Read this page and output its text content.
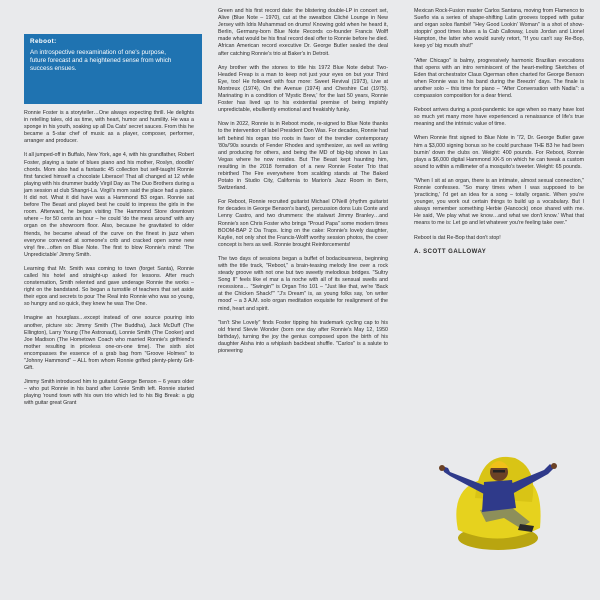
Reboot:
An introspective reexamination of one's purpose, future forecast and a heightened sense from which success ensues.

Ronnie Foster is a storyteller…One always expecting thrill. He delights in retelling tales, old as time, with heart, humor and humility. He was a sponge in his youth, soaking up all Da Cats' secret sauces. From this he became a 5-star chef of music as a player, composer, performer, arranger and producer.

It all jumped-off in Buffalo, New York, age 4, with his grandfather, Robert Foster, playing a taste of blues piano and his mother, Roslyn, doodlin' chords. Mom also had a fantastic 45 collection but self-taught Ronnie first fancied himself a chocolate Liberace! That all changed at 12 while playing with his drummer buddy Virgil Day as The Duo Brothers during a jam session at club Shangri-La. Virgil's mom said the place had a piano. It did not. What it did have was a Hammond B3 organ. Ronnie sat before The Beast and played best he could to impress the girls in the room. Afterward, he began visiting The Hammond Store downtown where – for 50 cents an hour – he could 'do the mess around' with any organ on the showroom floor. Also, because he gravitated to older friends, he became ahead of the curve on the finest in jazz when everyone convened at someone's crib and cracked open some new vinyl fire…often on Blue Note. The first to blow Ronnie's mind: 'The Unpredictable' Jimmy Smith.

Learning that Mr. Smith was coming to town (forget Santa), Ronnie called his hotel and straight-up asked for lessons. After much consternation, Smith relented and gave underage Ronnie the works – right on the bandstand. So began a turnstile of teachers that set aside their egos and secrets to pour The Real into Ronnie who was so young, so hungry and so quick, they knew he was The One.

Imagine an hourglass…except instead of one source pouring into another, picture six: Jimmy Smith (The Buddha), Jack McDuff (The Ellington), Larry Young (The Astronaut), Lonnie Smith (The Cooker) and Joe Madison (The Hometown Coach who married Ronnie's girlfriend's mother resulting in priceless one-on-one time). The sixth slot encompasses the essence of a grab bag from "Groove Holmes" to "Johnny Hammond" – ALL from whom Ronnie grifted plenty-plenty Grit-Gift.

Jimmy Smith introduced him to guitarist George Benson – 6 years older – who put Ronnie in his band after Lonnie Smith left. Ronnie started playing 'round town with his own trio which led to his Big Break: a gig with guitar great Grant

Green and his first record date: the blistering double-LP in concert set, Alive (Blue Note – 1970), cut at the sweatbox Cliché Lounge in New Jersey with Idris Muhammad on drums! Knowing gold when he heard it, Berlin, Germany-born Blue Note Records co-founder Francis Wolff made what would be his final record deal offer to Ronnie before he died. African American record executive Dr. George Butler sealed the deal after catching Ronnie's trio at Baker's in Detroit.

Any brother with the stones to title his 1972 Blue Note debut Two-Headed Freap is a man to keep not just your eyes on but your Third Eye, too! He followed with four more: Sweet Revival (1973), Live at Montreux (1974), On the Avenue (1974) and Cheshire Cat (1975). Marinating in a condition of 'Mystic Brew,' for the last 50 years, Ronnie Foster has lived up to his existential premise of being impishly unpredictable, ebulliently emotional and freakishly funky.

Now in 2022, Ronnie is in Reboot mode, re-signed to Blue Note thanks to the intervention of label President Don Was. For decades, Ronnie had left behind his organ trio roots in favor of the trendier contemporary '80s/'90s sounds of Fender Rhodes and synthesizer, as well as writing and producing for others, and being the MD of big-big shows in Las Vegas where he now resides. But The Beast kept haunting him, resulting in the 2018 formation of a new Ronnie Foster Trio that rebirthed The Fire everywhere from scalding stands at The Baked Potato in Studio City, California to Marion's Jazz Room in Bern, Switzerland.

For Reboot, Ronnie recruited guitarist Michael O'Neill (rhythm guitarist for decades in George Benson's band), percussion dons Luis Conte and Lenny Castro, and two drummers: the stalwart Jimmy Branley…and Ronnie's son Chris Foster who brings "Proud Papa" some modern times BOOM-BAP 2 Da Traps. Icing on the cake: Ronnie's lovely daughter, Kaylie, not only shot the Francis-Wolff worthy session photos, the cover concept is hers as well. Ronnie brought Reinforcements!

The two days of sessions began a buffet of bodaciousness, beginning with the title track, "Reboot," a brain-teasing melody line over a rock steady groove with not one but two sweetly melodious bridges. "Sultry Song II" feels like el mar a la noche with all of its sensual swells and recessions… "Swingin'" is Organ Trio 101 – "Just like that, we're 'Back at the Chicken Shack!'" "J's Dream" is, as young folks say, 'on writer mood' – a 3 A.M. solo organ meditation exquisite for realignment of the mind, heart and spirit.

"Isn't She Lovely" finds Foster tipping his trademark cycling cap to his old friend Stevie Wonder (born one day after Ronnie's May 12, 1950 birthday), turning the joy the genius composed upon the birth of his daughter Aisha into a whiplash backbeat shuffle. "Carlos" is a salute to pioneering

Mexican Rock-Fusion master Carlos Santana, moving from Flamenco to Sueño via a series of shape-shifting Latin grooves topped with guitar and organ solos flambé! "Hey Good Lookin' Woman" is a shot of show-stoppin' good times blues a la Cab Calloway, Louis Jordan and Lionel Hampton, the latter who would surely retort, "If you can't say Re-Bop, keep yo' big mouth shut!"

"After Chicago" is balmy, progressively harmonic Brazilian evocations that opens with an intro reminiscent of the heart-melting Sketches of Eden that orchestrator Claus Ogerman often charted for George Benson when Ronnie was in his band during the Breezin' days. The finale is another solo – this time for piano – "After Conversation with Nadia": a compassion composition for a dear friend.

Reboot arrives during a post-pandemic ice age when so many have lost so much yet many more have experienced a renaissance of life's true meaning and the intrinsic value of time.

When Ronnie first signed to Blue Note in '72, Dr. George Butler gave him a $3,000 signing bonus so he could purchase THE B3 he had been burnin' down the clubs on. Weight: 400 pounds. For Reboot, Ronnie plays a $6,000 digital Hammond XK-5 on which he can tweak a custom sound to within a millimeter of a mosquito's tweeter. Weight: 65 pounds.

"When I sit at an organ, there is an intimate, almost sexual connection," Ronnie confesses. "So many times when I was supposed to be 'practicing,' I'd get an idea for a song – totally organic. When you're younger, you work out certain things to build up a vocabulary. But I always remember something Herbie (Hancock) once shared with me. He said, 'We play what we know…and what we don't know.' What that means to me is: Let go and let whatever you're feeling take over."

Reboot is dat Re-Bop that don't stop!

A. SCOTT GALLOWAY
